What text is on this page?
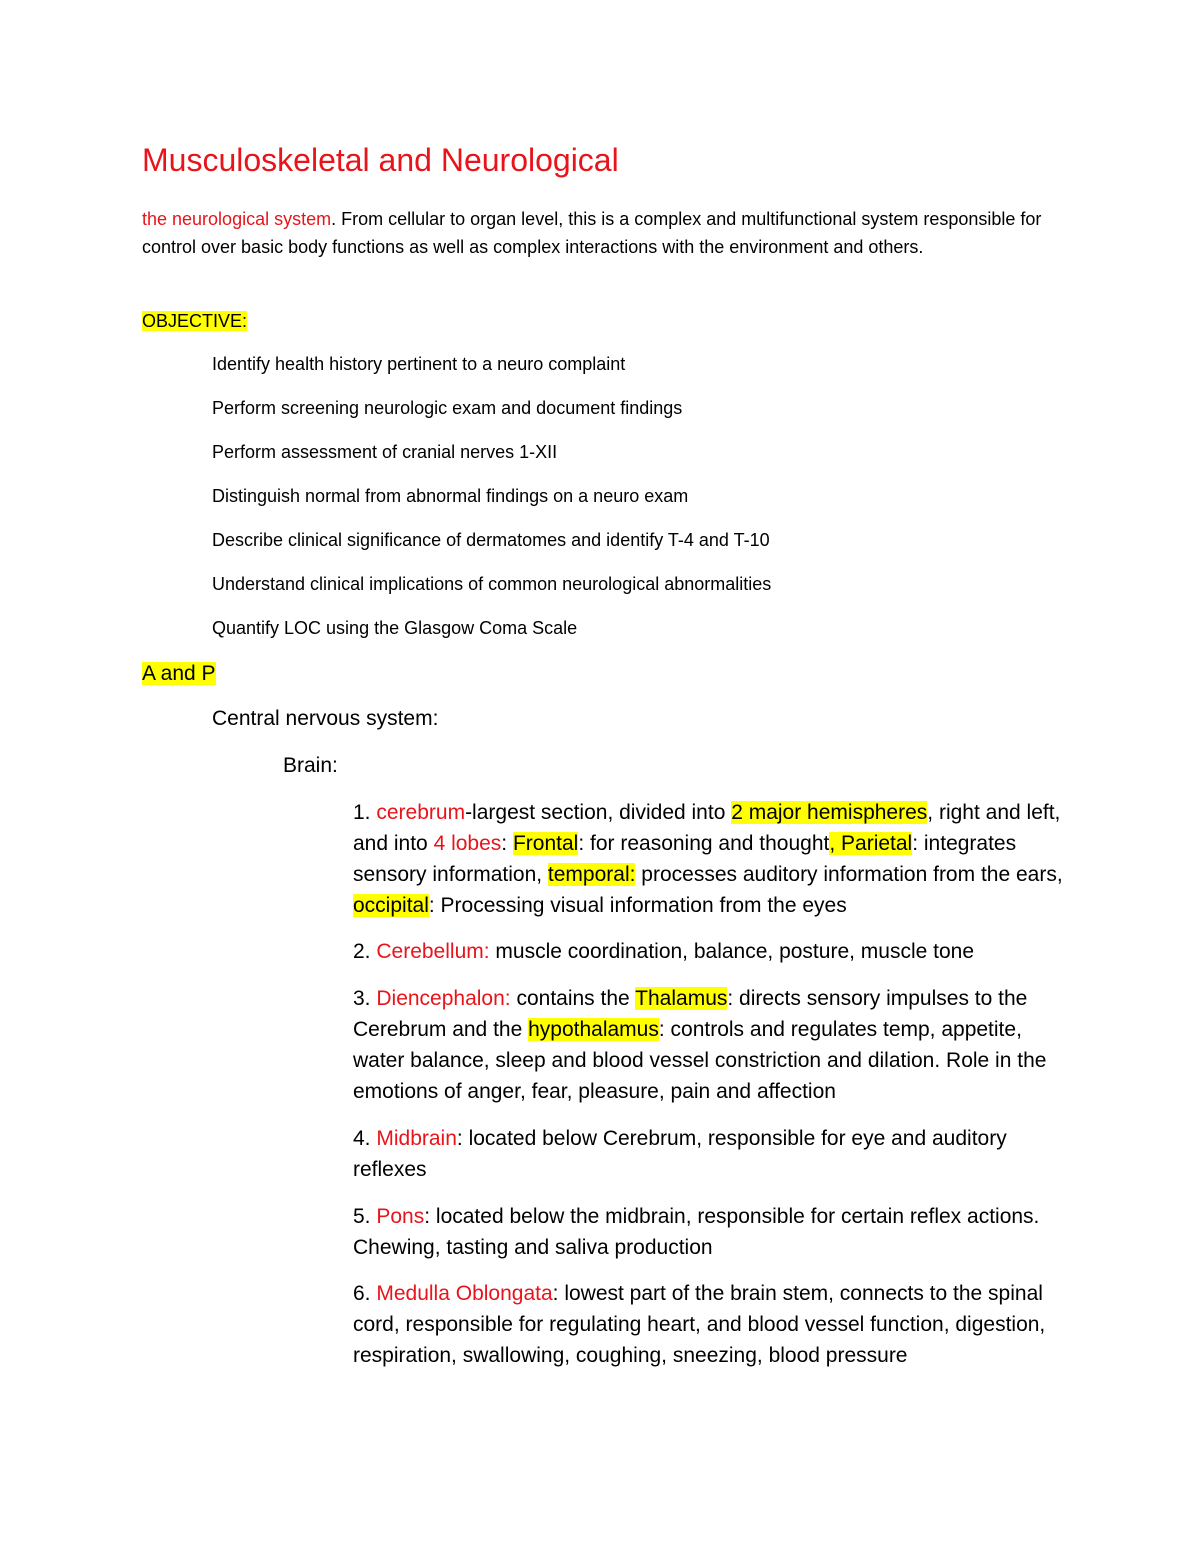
Musculoskeletal and Neurological
the neurological system. From cellular to organ level, this is a complex and multifunctional system responsible for control over basic body functions as well as complex interactions with the environment and others.
OBJECTIVE:
Identify health history pertinent to a neuro complaint
Perform screening neurologic exam and document findings
Perform assessment of cranial nerves 1-XII
Distinguish normal from abnormal findings on a neuro exam
Describe clinical significance of dermatomes and identify T-4 and T-10
Understand clinical implications of common neurological abnormalities
Quantify LOC using the Glasgow Coma Scale
A and P
Central nervous system:
Brain:
1. cerebrum-largest section, divided into 2 major hemispheres, right and left, and into 4 lobes: Frontal: for reasoning and thought, Parietal: integrates sensory information, temporal: processes auditory information from the ears, occipital: Processing visual information from the eyes
2. Cerebellum: muscle coordination, balance, posture, muscle tone
3. Diencephalon: contains the Thalamus: directs sensory impulses to the Cerebrum and the hypothalamus: controls and regulates temp, appetite, water balance, sleep and blood vessel constriction and dilation. Role in the emotions of anger, fear, pleasure, pain and affection
4. Midbrain: located below Cerebrum, responsible for eye and auditory reflexes
5. Pons: located below the midbrain, responsible for certain reflex actions. Chewing, tasting and saliva production
6. Medulla Oblongata: lowest part of the brain stem, connects to the spinal cord, responsible for regulating heart, and blood vessel function, digestion, respiration, swallowing, coughing, sneezing, blood pressure
